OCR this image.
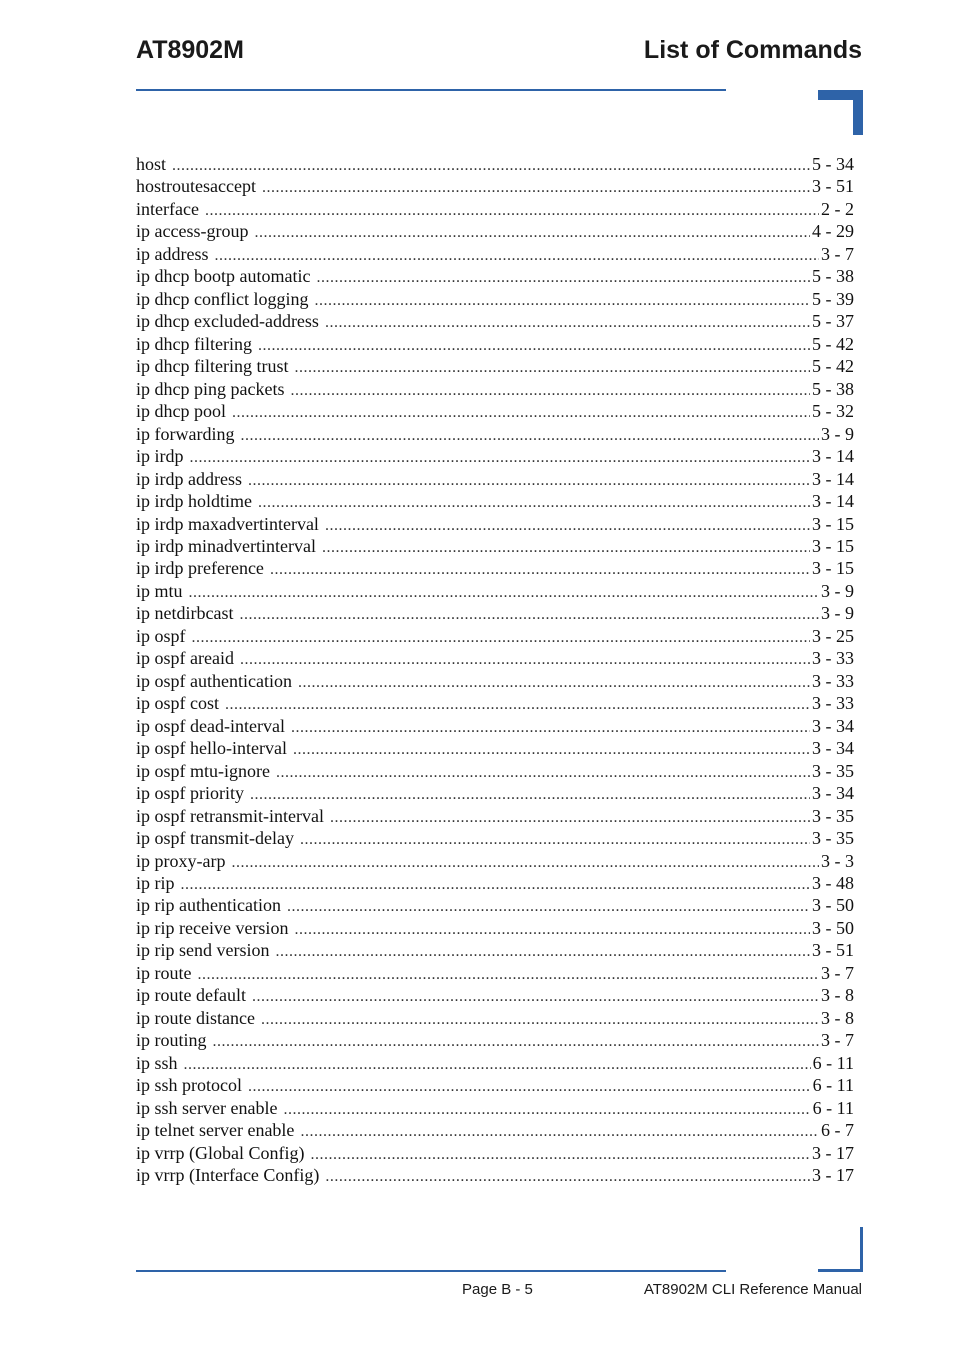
AT8902M	List of Commands
host .....	5 - 34
hostroutesaccept .....	3 - 51
interface .....	2 - 2
ip access-group .....	4 - 29
ip address .....	3 - 7
ip dhcp bootp automatic .....	5 - 38
ip dhcp conflict logging .....	5 - 39
ip dhcp excluded-address .....	5 - 37
ip dhcp filtering .....	5 - 42
ip dhcp filtering trust .....	5 - 42
ip dhcp ping packets .....	5 - 38
ip dhcp pool .....	5 - 32
ip forwarding .....	3 - 9
ip irdp .....	3 - 14
ip irdp address .....	3 - 14
ip irdp holdtime .....	3 - 14
ip irdp maxadvertinterval .....	3 - 15
ip irdp minadvertinterval .....	3 - 15
ip irdp preference .....	3 - 15
ip mtu .....	3 - 9
ip netdirbcast .....	3 - 9
ip ospf .....	3 - 25
ip ospf areaid .....	3 - 33
ip ospf authentication .....	3 - 33
ip ospf cost .....	3 - 33
ip ospf dead-interval .....	3 - 34
ip ospf hello-interval .....	3 - 34
ip ospf mtu-ignore .....	3 - 35
ip ospf priority .....	3 - 34
ip ospf retransmit-interval .....	3 - 35
ip ospf transmit-delay .....	3 - 35
ip proxy-arp .....	3 - 3
ip rip .....	3 - 48
ip rip authentication .....	3 - 50
ip rip receive version .....	3 - 50
ip rip send version .....	3 - 51
ip route .....	3 - 7
ip route default .....	3 - 8
ip route distance .....	3 - 8
ip routing .....	3 - 7
ip ssh .....	6 - 11
ip ssh protocol .....	6 - 11
ip ssh server enable .....	6 - 11
ip telnet server enable .....	6 - 7
ip vrrp (Global Config) .....	3 - 17
ip vrrp (Interface Config) .....	3 - 17
Page B - 5	AT8902M CLI Reference Manual
